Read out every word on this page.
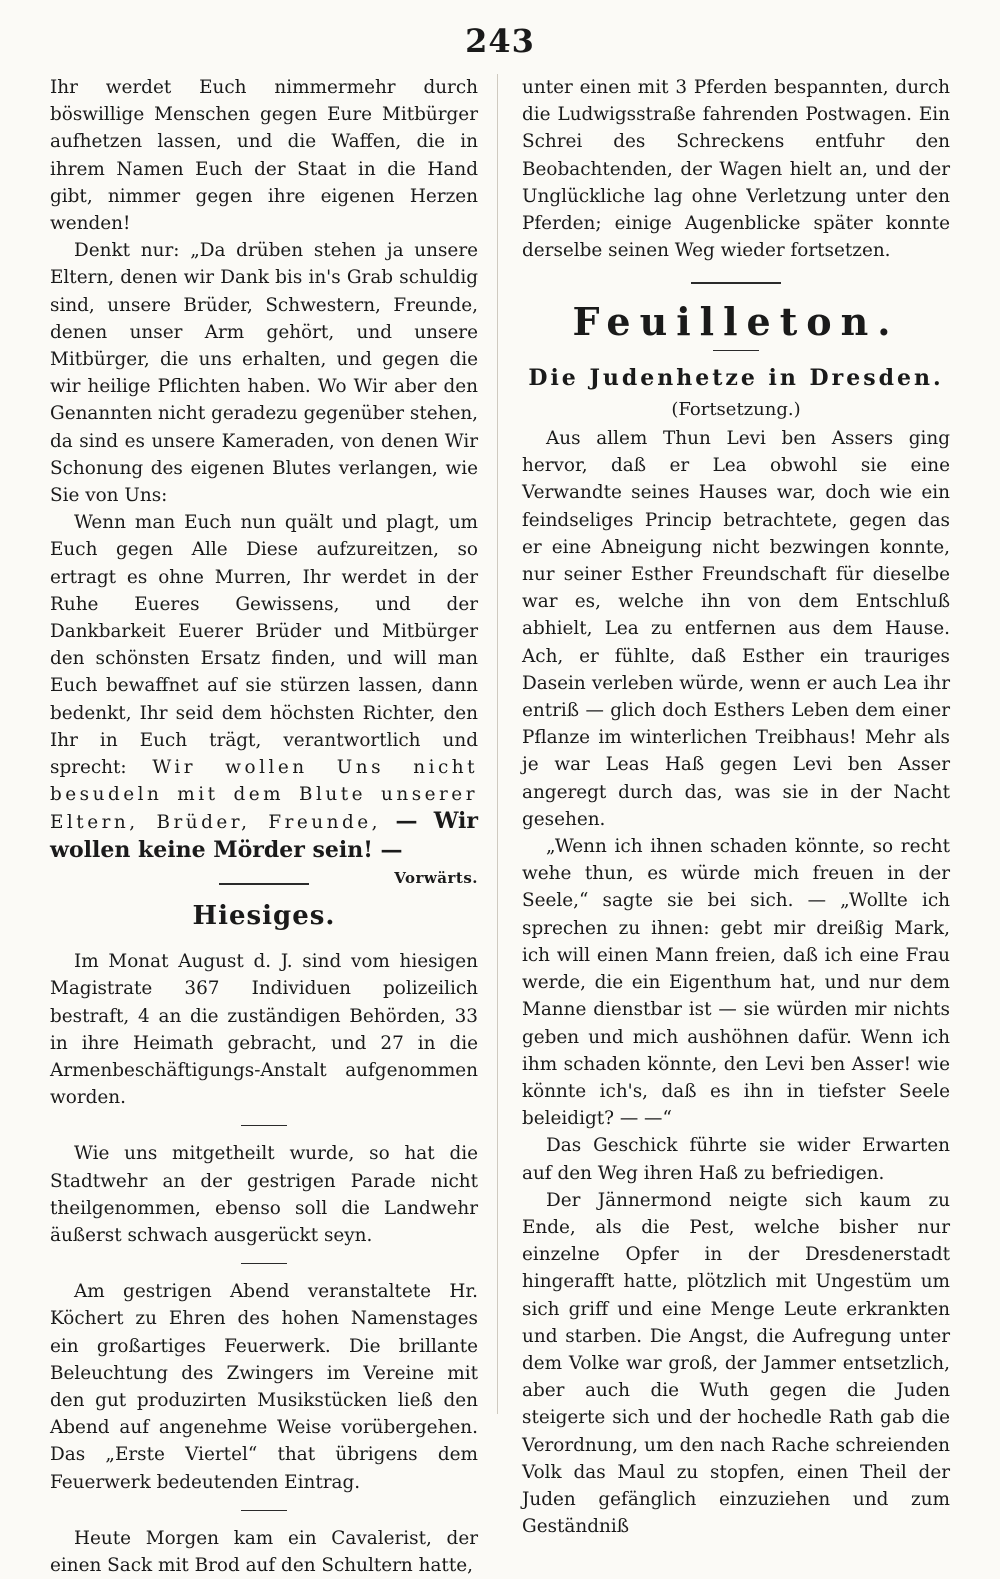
243

Ihr werdet Euch nimmermehr durch böswillige Menschen gegen Eure Mitbürger aufhetzen lassen, und die Waffen, die in ihrem Namen Euch der Staat in die Hand gibt, nimmer gegen ihre eigenen Herzen wenden!

Denkt nur: „Da drüben stehen ja unsere Eltern, denen wir Dank bis in's Grab schuldig sind, unsere Brüder, Schwestern, Freunde, denen unser Arm gehört, und unsere Mitbürger, die uns erhalten, und gegen die wir heilige Pflichten haben. Wo Wir aber den Genannten nicht geradezu gegenüber stehen, da sind es unsere Kameraden, von denen Wir Schonung des eigenen Blutes verlangen, wie Sie von Uns:

Wenn man Euch nun quält und plagt, um Euch gegen Alle Diese aufzureitzen, so ertragt es ohne Murren, Ihr werdet in der Ruhe Eueres Gewissens, und der Dankbarkeit Euerer Brüder und Mitbürger den schönsten Ersatz finden, und will man Euch bewaffnet auf sie stürzen lassen, dann bedenkt, Ihr seid dem höchsten Richter, den Ihr in Euch trägt, verantwortlich und sprecht: Wir wollen Uns nicht besudeln mit dem Blute unserer Eltern, Brüder, Freunde, — Wir wollen keine Mörder sein! —
Vorwärts.

Hiesiges.

Im Monat August d. J. sind vom hiesigen Magistrate 367 Individuen polizeilich bestraft, 4 an die zuständigen Behörden, 33 in ihre Heimath gebracht, und 27 in die Armenbeschäftigungs-Anstalt aufgenommen worden.

Wie uns mitgetheilt wurde, so hat die Stadtwehr an der gestrigen Parade nicht theilgenommen, ebenso soll die Landwehr äußerst schwach ausgerückt seyn.

Am gestrigen Abend veranstaltete Hr. Köchert zu Ehren des hohen Namenstages ein großartiges Feuerwerk. Die brillante Beleuchtung des Zwingers im Vereine mit den gut produzirten Musikstücken ließ den Abend auf angenehme Weise vorübergehen. Das „Erste Viertel“ that übrigens dem Feuerwerk bedeutenden Eintrag.

Heute Morgen kam ein Cavalerist, der einen Sack mit Brod auf den Schultern hatte,

unter einen mit 3 Pferden bespannten, durch die Ludwigsstraße fahrenden Postwagen. Ein Schrei des Schreckens entfuhr den Beobachtenden, der Wagen hielt an, und der Unglückliche lag ohne Verletzung unter den Pferden; einige Augenblicke später konnte derselbe seinen Weg wieder fortsetzen.

Feuilleton.
Die Judenhetze in Dresden.
(Fortsetzung.)

Aus allem Thun Levi ben Assers ging hervor, daß er Lea obwohl sie eine Verwandte seines Hauses war, doch wie ein feindseliges Princip betrachtete, gegen das er eine Abneigung nicht bezwingen konnte, nur seiner Esther Freundschaft für dieselbe war es, welche ihn von dem Entschluß abhielt, Lea zu entfernen aus dem Hause. Ach, er fühlte, daß Esther ein trauriges Dasein verleben würde, wenn er auch Lea ihr entriß — glich doch Esthers Leben dem einer Pflanze im winterlichen Treibhaus! Mehr als je war Leas Haß gegen Levi ben Asser angeregt durch das, was sie in der Nacht gesehen.

„Wenn ich ihnen schaden könnte, so recht wehe thun, es würde mich freuen in der Seele,“ sagte sie bei sich. — „Wollte ich sprechen zu ihnen: gebt mir dreißig Mark, ich will einen Mann freien, daß ich eine Frau werde, die ein Eigenthum hat, und nur dem Manne dienstbar ist — sie würden mir nichts geben und mich aushöhnen dafür. Wenn ich ihm schaden könnte, den Levi ben Asser! wie könnte ich's, daß es ihn in tiefster Seele beleidigt? — —“

Das Geschick führte sie wider Erwarten auf den Weg ihren Haß zu befriedigen.

Der Jännermond neigte sich kaum zu Ende, als die Pest, welche bisher nur einzelne Opfer in der Dresdenerstadt hingerafft hatte, plötzlich mit Ungestüm um sich griff und eine Menge Leute erkrankten und starben. Die Angst, die Aufregung unter dem Volke war groß, der Jammer entsetzlich, aber auch die Wuth gegen die Juden steigerte sich und der hochedle Rath gab die Verordnung, um den nach Rache schreienden Volk das Maul zu stopfen, einen Theil der Juden gefänglich einzuziehen und zum Geständniß
